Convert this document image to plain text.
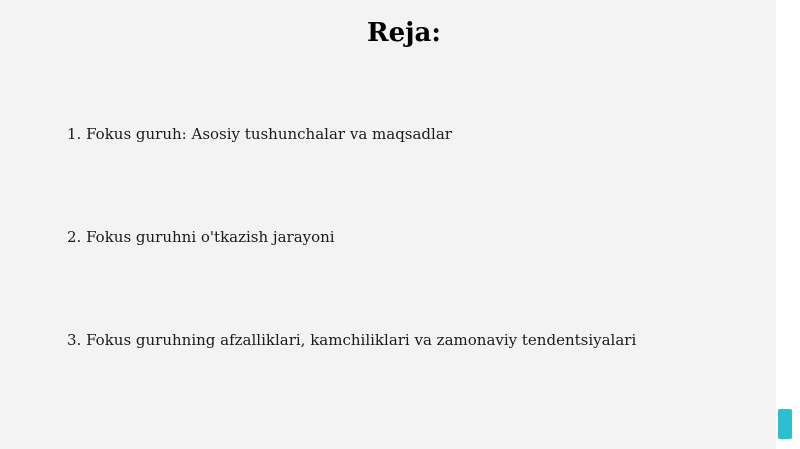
Reja:
1. Fokus guruh: Asosiy tushunchalar va maqsadlar
2. Fokus guruhni o'tkazish jarayoni
3. Fokus guruhning afzalliklari, kamchiliklari va zamonaviy tendentsiyalari
